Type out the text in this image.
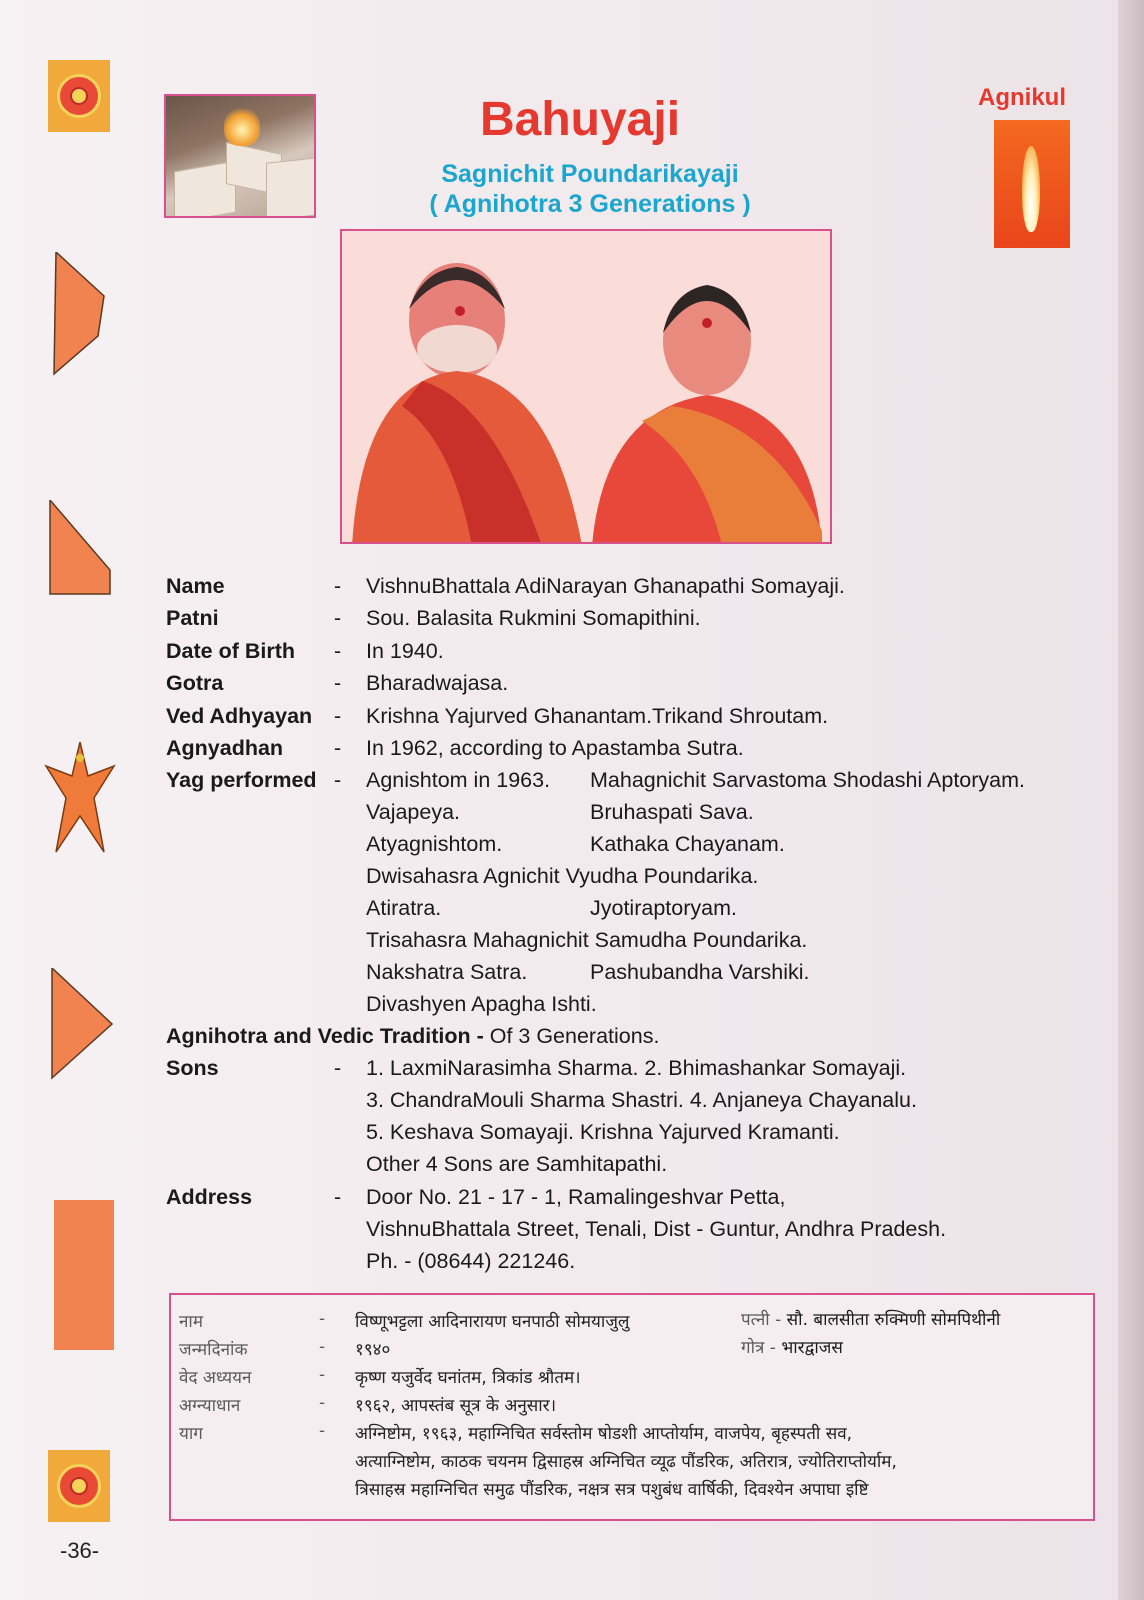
Bahuyaji
Sagnichit Poundarikayaji
( Agnihotra 3 Generations )
Agnikul
Name	- VishnuBhattala AdiNarayan Ghanapathi Somayaji.
Patni	- Sou. Balasita Rukmini Somapithini.
Date of Birth - In 1940.
Gotra	- Bharadwajasa.
Ved Adhyayan - Krishna Yajurved Ghanantam.Trikand Shroutam.
Agnyadhan - In 1962, according to Apastamba Sutra.
Yag performed - Agnishtom in 1963. Mahagnichit Sarvastoma Shodashi Aptoryam.
Vajapeya.	Bruhaspati Sava.
Atyagnishtom.	Kathaka Chayanam.
Dwisahasra Agnichit Vyudha Poundarika.
Atiratra.	Jyotiraptoryam.
Trisahasra Mahagnichit Samudha Poundarika.
Nakshatra Satra.	Pashubandha Varshiki.
Divashyen Apagha Ishti.
Agnihotra and Vedic Tradition - Of 3 Generations.
Sons	- 1. LaxmiNarasimha Sharma. 2. Bhimashankar Somayaji.
3. ChandraMouli Sharma Shastri. 4. Anjaneya Chayanalu.
5. Keshava Somayaji. Krishna Yajurved Kramanti.
Other 4 Sons are Samhitapathi.
Address	- Door No. 21 - 17 - 1, Ramalingeshvar Petta,
VishnuBhattala Street, Tenali, Dist - Guntur, Andhra Pradesh.
Ph. - (08644) 221246.
नाम	- विष्णूभट्टला आदिनारायण घनपाठी सोमयाजुलु	पत्नी - सौ. बालसीता रुक्मिणी सोमपिथीनी
जन्मदिनांक	- १९४०	गोत्र - भारद्वाजस
वेद अध्ययन	- कृष्ण यजुर्वेद घनांतम, त्रिकांड श्रौतम।
अग्न्याधान	- १९६२, आपस्तंब सूत्र के अनुसार।
याग	- अग्निष्टोम, १९६३, महाग्निचित सर्वस्तोम षोडशी आप्तोर्याम, वाजपेय, बृहस्पती सव,
अत्याग्निष्टोम, काठक चयनम द्विसाहस्र अग्निचित व्यूढ पौंडरिक, अतिरात्र, ज्योतिराप्तोर्याम,
त्रिसाहस्र महाग्निचित समुढ पौंडरिक, नक्षत्र सत्र पशुबंध वार्षिकी, दिवश्येन अपाघा इष्टि
-36-
